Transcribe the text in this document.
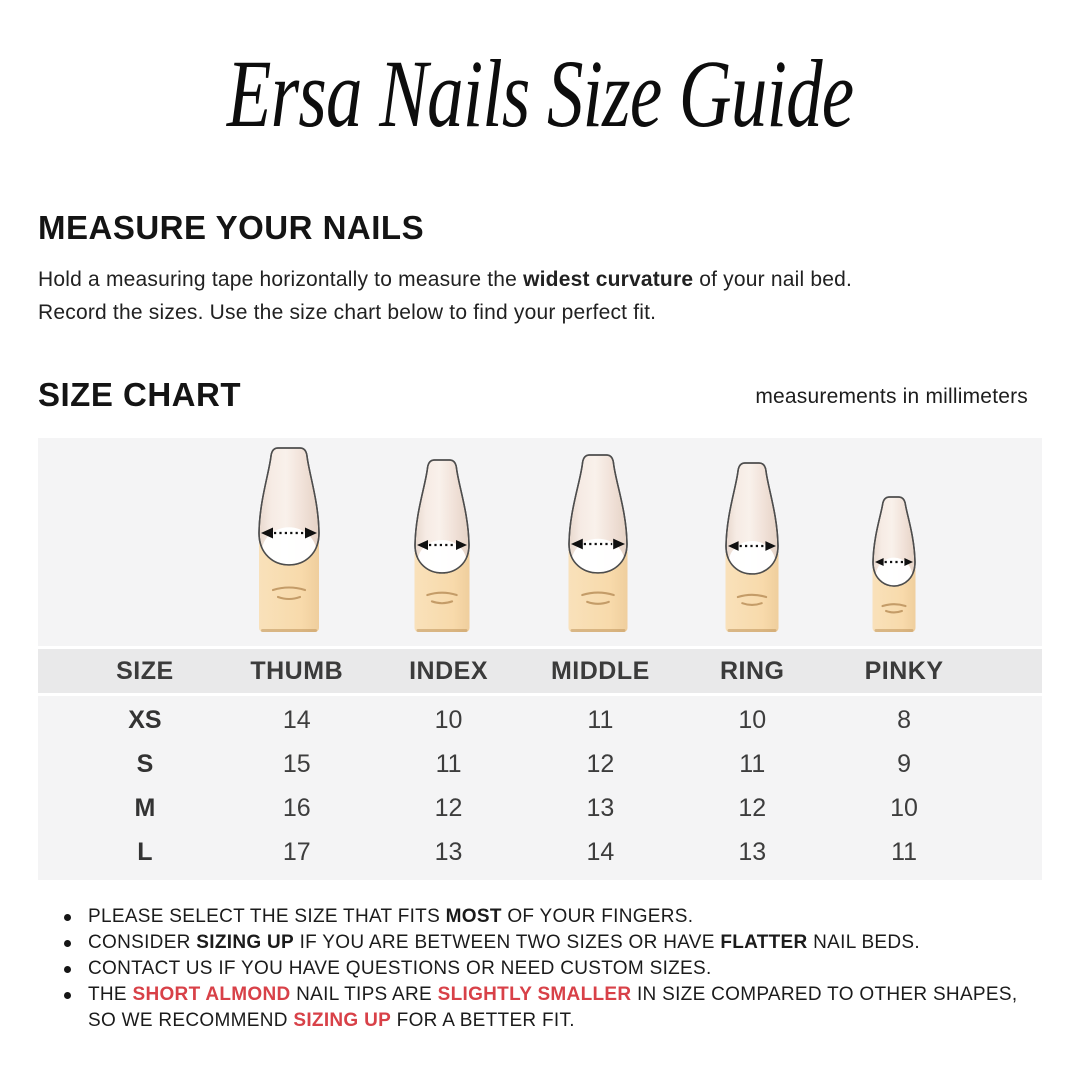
Ersa Nails Size Guide
MEASURE YOUR NAILS
Hold a measuring tape horizontally to measure the widest curvature of your nail bed.
Record the sizes. Use the size chart below to find your perfect fit.
SIZE CHART	measurements in millimeters
SIZE	THUMB	INDEX	MIDDLE	RING	PINKY
XS	14	10	11	10	8
S	15	11	12	11	9
M	16	12	13	12	10
L	17	13	14	13	11
PLEASE SELECT THE SIZE THAT FITS MOST OF YOUR FINGERS.
CONSIDER SIZING UP IF YOU ARE BETWEEN TWO SIZES OR HAVE FLATTER NAIL BEDS.
CONTACT US IF YOU HAVE QUESTIONS OR NEED CUSTOM SIZES.
THE SHORT ALMOND NAIL TIPS ARE SLIGHTLY SMALLER IN SIZE COMPARED TO OTHER SHAPES, SO WE RECOMMEND SIZING UP FOR A BETTER FIT.
